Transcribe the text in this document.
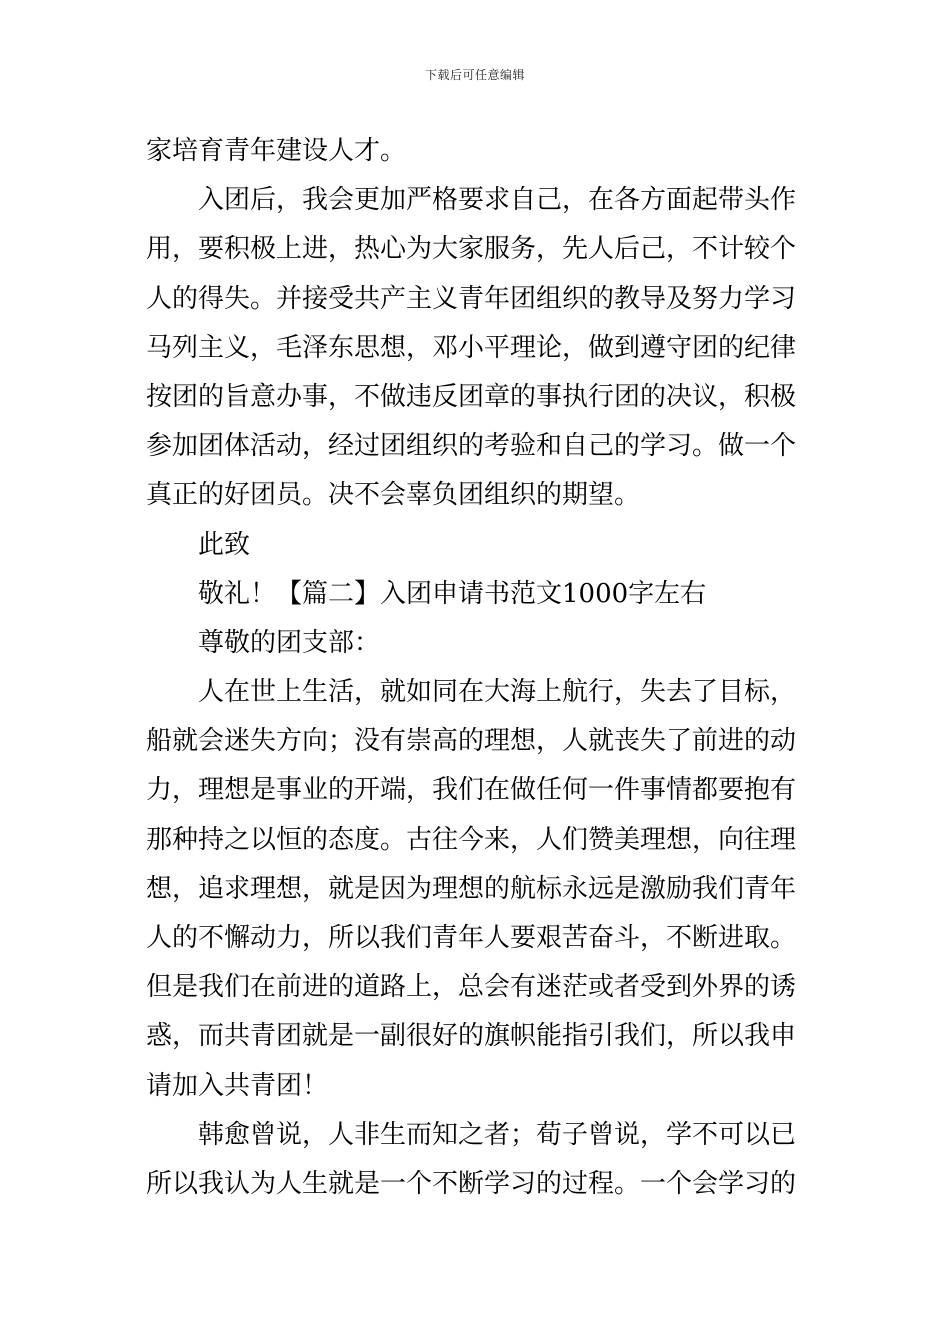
下载后可任意编辑
家培育青年建设人才。
入团后，我会更加严格要求自己，在各方面起带头作
用，要积极上进，热心为大家服务，先人后己，不计较个
人的得失。并接受共产主义青年团组织的教导及努力学习
马列主义，毛泽东思想，邓小平理论，做到遵守团的纪律
按团的旨意办事，不做违反团章的事执行团的决议，积极
参加团体活动，经过团组织的考验和自己的学习。做一个
真正的好团员。决不会辜负团组织的期望。
此致
敬礼！【篇二】入团申请书范文1000字左右
尊敬的团支部：
人在世上生活，就如同在大海上航行，失去了目标，
船就会迷失方向；没有崇高的理想，人就丧失了前进的动
力，理想是事业的开端，我们在做任何一件事情都要抱有
那种持之以恒的态度。古往今来，人们赞美理想，向往理
想，追求理想，就是因为理想的航标永远是激励我们青年
人的不懈动力，所以我们青年人要艰苦奋斗，不断进取。
但是我们在前进的道路上，总会有迷茫或者受到外界的诱
惑，而共青团就是一副很好的旗帜能指引我们，所以我申
请加入共青团！
韩愈曾说，人非生而知之者；荀子曾说，学不可以已
所以我认为人生就是一个不断学习的过程。一个会学习的
